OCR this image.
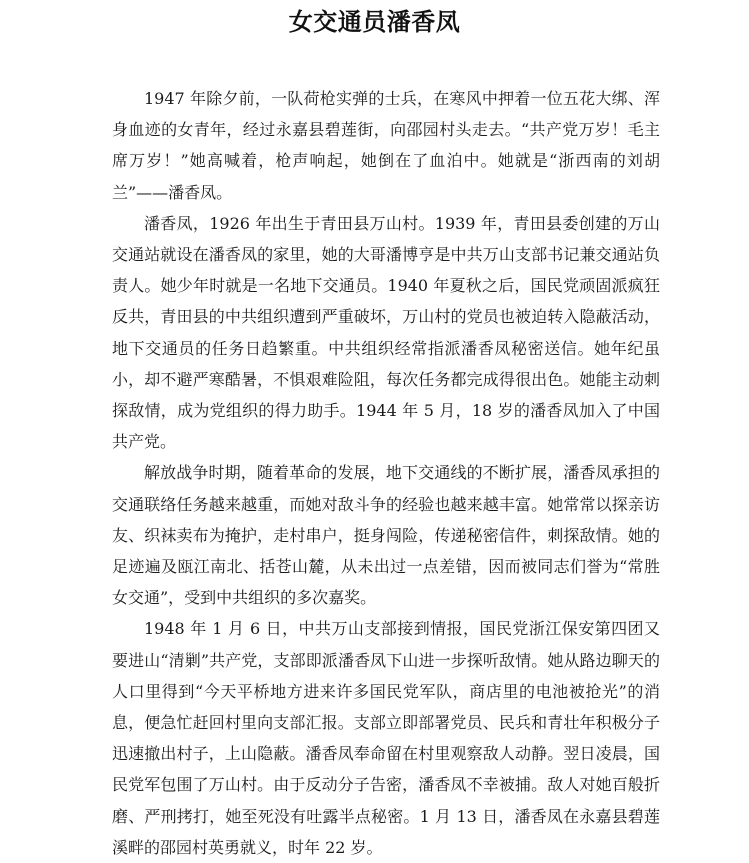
女交通员潘香凤

1947 年除夕前，一队荷枪实弹的士兵，在寒风中押着一位五花大绑、浑身血迹的女青年，经过永嘉县碧莲街，向邵园村头走去。“共产党万岁！毛主席万岁！”她高喊着，枪声响起，她倒在了血泊中。她就是“浙西南的刘胡兰”——潘香凤。

潘香凤，1926 年出生于青田县万山村。1939 年，青田县委创建的万山交通站就设在潘香凤的家里，她的大哥潘博亨是中共万山支部书记兼交通站负责人。她少年时就是一名地下交通员。1940 年夏秋之后，国民党顽固派疯狂反共，青田县的中共组织遭到严重破坏，万山村的党员也被迫转入隐蔽活动，地下交通员的任务日趋繁重。中共组织经常指派潘香凤秘密送信。她年纪虽小，却不避严寒酷暑，不惧艰难险阻，每次任务都完成得很出色。她能主动刺探敌情，成为党组织的得力助手。1944 年 5 月，18 岁的潘香凤加入了中国共产党。

解放战争时期，随着革命的发展，地下交通线的不断扩展，潘香凤承担的交通联络任务越来越重，而她对敌斗争的经验也越来越丰富。她常常以探亲访友、织袜卖布为掩护，走村串户，挺身闯险，传递秘密信件，刺探敌情。她的足迹遍及瓯江南北、括苍山麓，从未出过一点差错，因而被同志们誉为“常胜女交通”，受到中共组织的多次嘉奖。

1948 年 1 月 6 日，中共万山支部接到情报，国民党浙江保安第四团又要进山“清剿”共产党，支部即派潘香凤下山进一步探听敌情。她从路边聊天的人口里得到“今天平桥地方进来许多国民党军队，商店里的电池被抢光”的消息，便急忙赶回村里向支部汇报。支部立即部署党员、民兵和青壮年积极分子迅速撤出村子，上山隐蔽。潘香凤奉命留在村里观察敌人动静。翌日凌晨，国民党军包围了万山村。由于反动分子告密，潘香凤不幸被捕。敌人对她百般折磨、严刑拷打，她至死没有吐露半点秘密。1 月 13 日，潘香凤在永嘉县碧莲溪畔的邵园村英勇就义，时年 22 岁。
